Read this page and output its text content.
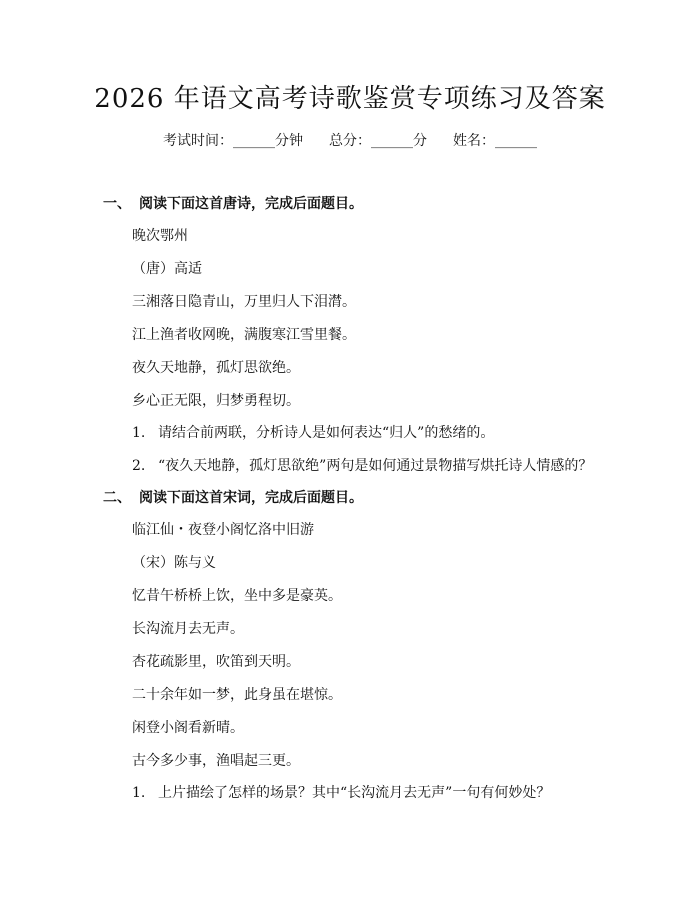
2026 年语文高考诗歌鉴赏专项练习及答案
考试时间：______分钟 总分：______分 姓名：______
一、 阅读下面这首唐诗，完成后面题目。
晚次鄂州
（唐）高适
三湘落日隐青山，万里归人下泪潸。
江上渔者收网晚，满腹寒江雪里餐。
夜久天地静，孤灯思欲绝。
乡心正无限，归梦勇程切。
1. 请结合前两联，分析诗人是如何表达“归人”的愁绪的。
2. “夜久天地静，孤灯思欲绝”两句是如何通过景物描写烘托诗人情感的？
二、 阅读下面这首宋词，完成后面题目。
临江仙・夜登小阁忆洛中旧游
（宋）陈与义
忆昔午桥桥上饮，坐中多是豪英。
长沟流月去无声。
杏花疏影里，吹笛到天明。
二十余年如一梦，此身虽在堪惊。
闲登小阁看新晴。
古今多少事，渔唱起三更。
1. 上片描绘了怎样的场景？其中“长沟流月去无声”一句有何妙处？
